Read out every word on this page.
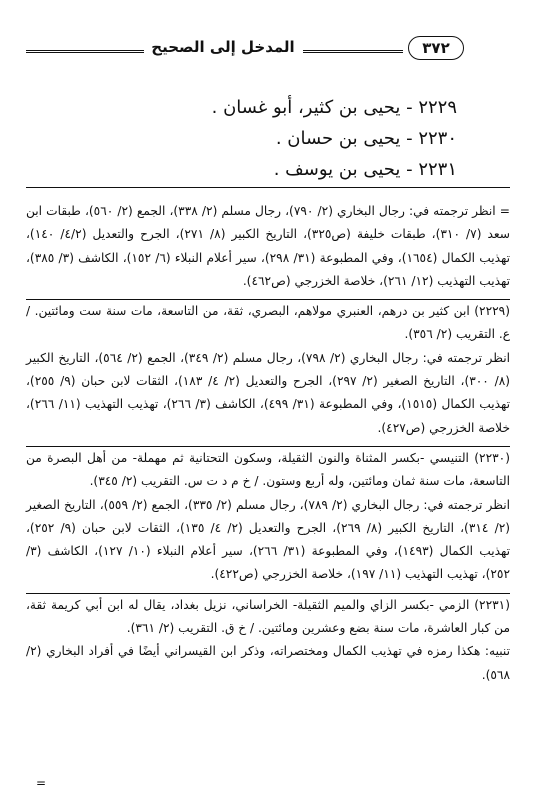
المدخل إلى الصحيح	٣٧٢
٢٢٢٩ - يحيى بن كثير، أبو غسان .
٢٢٣٠ - يحيى بن حسان .
٢٢٣١ - يحيى بن يوسف .

= انظر ترجمته في: رجال البخاري (٢/ ٧٩٠)، رجال مسلم (٢/ ٣٣٨)، الجمع (٢/ ٥٦٠)، طبقات ابن سعد (٧/ ٣١٠)، طبقات خليفة (ص٣٢٥)، التاريخ الكبير (٨/ ٢٧١)، الجرح والتعديل (٤/٢/ ١٤٠)، تهذيب الكمال (١٦٥٤)، وفي المطبوعة (٣١/ ٢٩٨)، سير أعلام النبلاء (٦/ ١٥٢)، الكاشف (٣/ ٣٨٥)، تهذيب التهذيب (١٢/ ٢٦١)، خلاصة الخزرجي (ص٤٦٢).

(٢٢٢٩) ابن كثير بن درهم، العنبري مولاهم، البصري، ثقة، من التاسعة، مات سنة ست ومائتين. / ع. التقريب (٢/ ٣٥٦).

انظر ترجمته في: رجال البخاري (٢/ ٧٩٨)، رجال مسلم (٢/ ٣٤٩)، الجمع (٢/ ٥٦٤)، التاريخ الكبير (٨/ ٣٠٠)، التاريخ الصغير (٢/ ٢٩٧)، الجرح والتعديل (٢/ ٤/ ١٨٣)، الثقات لابن حبان (٩/ ٢٥٥)، تهذيب الكمال (١٥١٥)، وفي المطبوعة (٣١/ ٤٩٩)، الكاشف (٣/ ٢٦٦)، تهذيب التهذيب (١١/ ٢٦٦)، خلاصة الخزرجي (ص٤٢٧).

(٢٢٣٠) التنيسي -بكسر المثناة والنون الثقيلة، وسكون التحتانية ثم مهملة- من أهل البصرة من التاسعة، مات سنة ثمان ومائتين، وله أربع وستون. / خ م د ت س. التقريب (٢/ ٣٤٥).

انظر ترجمته في: رجال البخاري (٢/ ٧٨٩)، رجال مسلم (٢/ ٣٣٥)، الجمع (٢/ ٥٥٩)، التاريخ الصغير (٢/ ٣١٤)، التاريخ الكبير (٨/ ٢٦٩)، الجرح والتعديل (٢/ ٤/ ١٣٥)، الثقات لابن حبان (٩/ ٢٥٢)، تهذيب الكمال (١٤٩٣)، وفي المطبوعة (٣١/ ٢٦٦)، سير أعلام النبلاء (١٠/ ١٢٧)، الكاشف (٣/ ٢٥٢)، تهذيب التهذيب (١١/ ١٩٧)، خلاصة الخزرجي (ص٤٢٢).

(٢٢٣١) الزمي -بكسر الزاي والميم الثقيلة- الخراساني، نزيل بغداد، يقال له ابن أبي كريمة ثقة، من كبار العاشرة، مات سنة بضع وعشرين ومائتين. / خ ق. التقريب (٢/ ٣٦١).

تنبيه: هكذا رمزه في تهذيب الكمال ومختصراته، وذكر ابن القيسراني أيضًا في أفراد البخاري (٢/ ٥٦٨).

=
